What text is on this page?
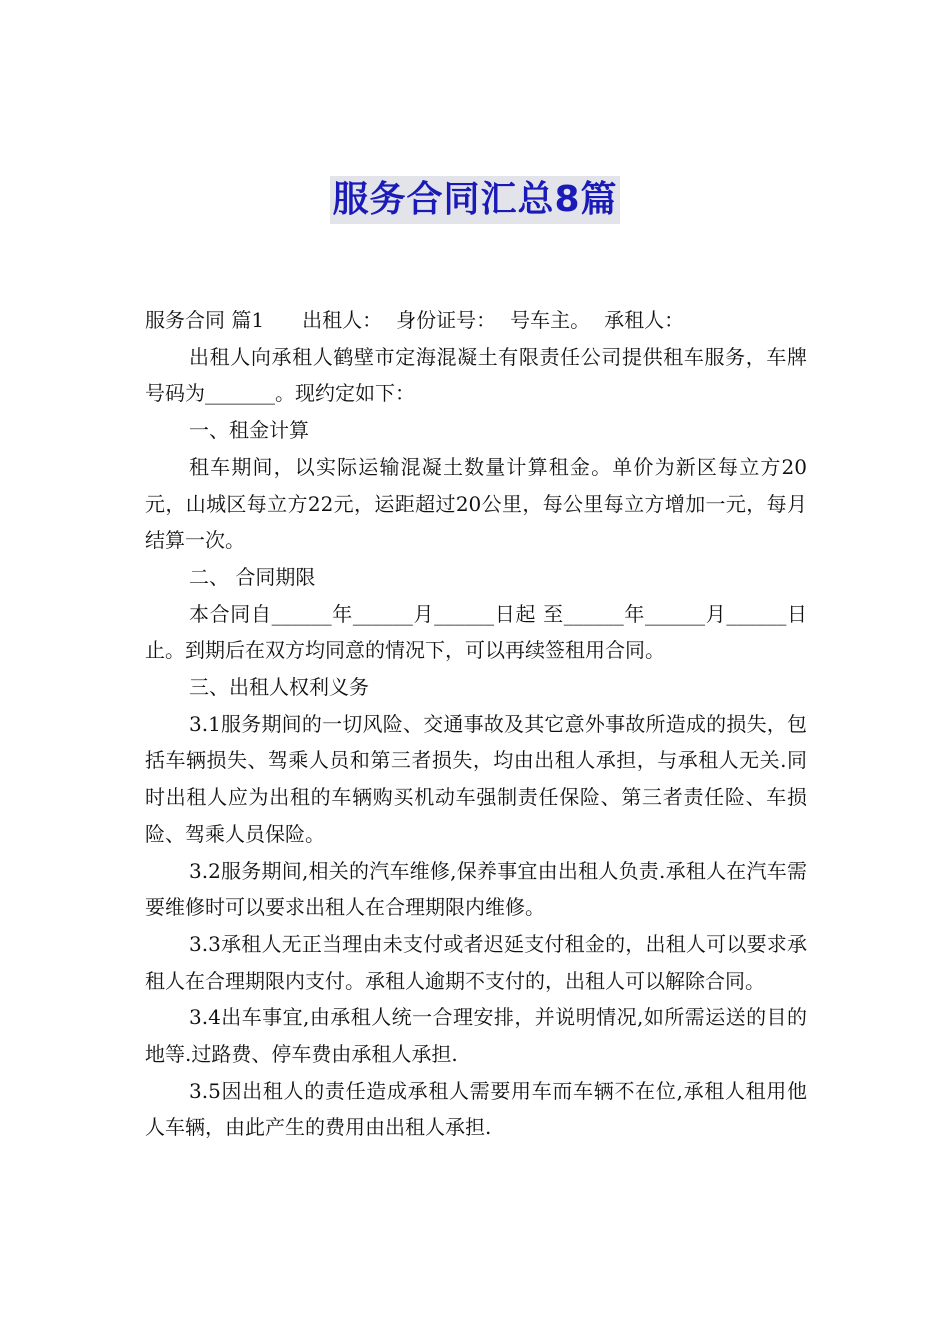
服务合同汇总8篇

服务合同 篇1 出租人： 身份证号： 号车主。 承租人：

出租人向承租人鹤壁市定海混凝土有限责任公司提供租车服务，车牌号码为_______。现约定如下：

一、租金计算

租车期间，以实际运输混凝土数量计算租金。单价为新区每立方20元，山城区每立方22元，运距超过20公里，每公里每立方增加一元，每月结算一次。

二、 合同期限

本合同自______年______月______日起 至______年______月______日止。到期后在双方均同意的情况下，可以再续签租用合同。

三、出租人权利义务

3.1服务期间的一切风险、交通事故及其它意外事故所造成的损失，包括车辆损失、驾乘人员和第三者损失，均由出租人承担，与承租人无关.同时出租人应为出租的车辆购买机动车强制责任保险、第三者责任险、车损险、驾乘人员保险。

3.2服务期间,相关的汽车维修,保养事宜由出租人负责.承租人在汽车需要维修时可以要求出租人在合理期限内维修。

3.3承租人无正当理由未支付或者迟延支付租金的，出租人可以要求承租人在合理期限内支付。承租人逾期不支付的，出租人可以解除合同。

3.4出车事宜,由承租人统一合理安排，并说明情况,如所需运送的目的地等.过路费、停车费由承租人承担.

3.5因出租人的责任造成承租人需要用车而车辆不在位,承租人租用他人车辆，由此产生的费用由出租人承担.
